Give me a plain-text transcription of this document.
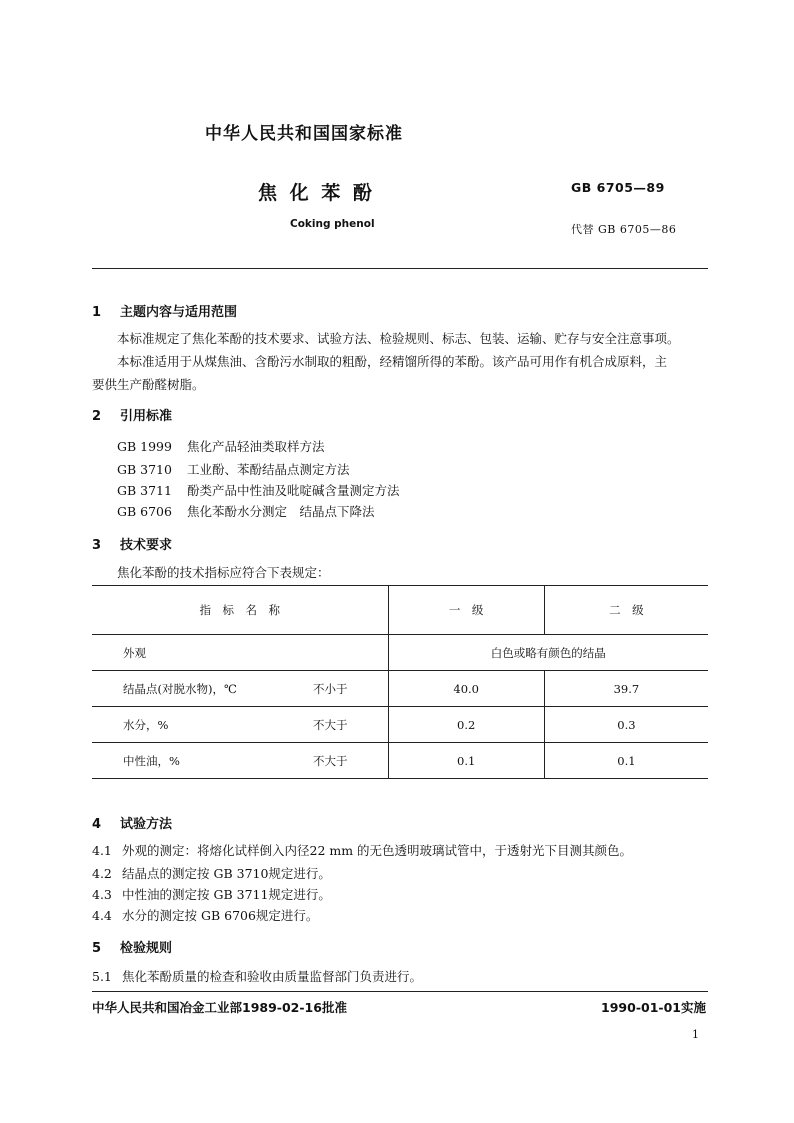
中华人民共和国国家标准
焦 化 苯 酚	GB 6705—89
Coking phenol	代替 GB 6705—86
1 主题内容与适用范围
本标准规定了焦化苯酚的技术要求、试验方法、检验规则、标志、包装、运输、贮存与安全注意事项。
本标准适用于从煤焦油、含酚污水制取的粗酚，经精馏所得的苯酚。该产品可用作有机合成原料，主
要供生产酚醛树脂。
2 引用标准
GB 1999 焦化产品轻油类取样方法
GB 3710 工业酚、苯酚结晶点测定方法
GB 3711 酚类产品中性油及吡啶碱含量测定方法
GB 6706 焦化苯酚水分测定　结晶点下降法
3 技术要求
焦化苯酚的技术指标应符合下表规定：
指　标　名　称	一　级	二　级
外观	白色或略有颜色的结晶	
结晶点(对脱水物)，℃ 不小于	40.0	39.7
水分，% 不大于	0.2	0.3
中性油，% 不大于	0.1	0.1
4 试验方法
4.1 外观的测定：将熔化试样倒入内径22 mm 的无色透明玻璃试管中，于透射光下目测其颜色。
4.2 结晶点的测定按 GB 3710规定进行。
4.3 中性油的测定按 GB 3711规定进行。
4.4 水分的测定按 GB 6706规定进行。
5 检验规则
5.1 焦化苯酚质量的检查和验收由质量监督部门负责进行。
中华人民共和国冶金工业部1989-02-16批准	1990-01-01实施
1
